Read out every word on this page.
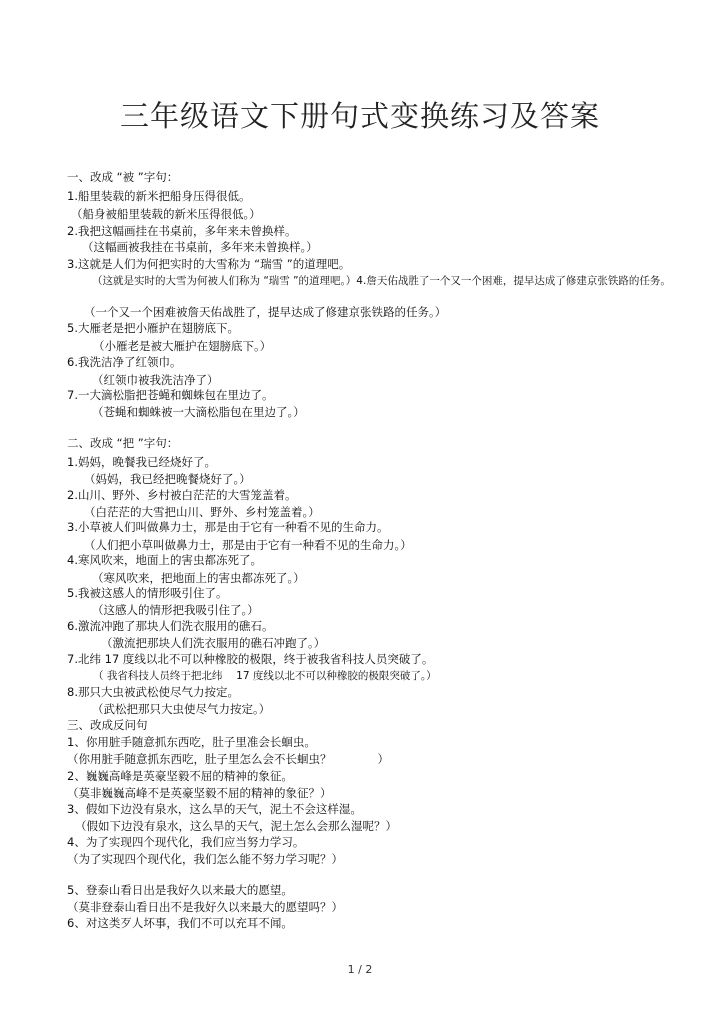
三年级语文下册句式变换练习及答案
一、改成 “被 ”字句：
1.船里装载的新米把船身压得很低。
（船身被船里装载的新米压得很低。）
2.我把这幅画挂在书桌前，多年来未曾换样。
（这幅画被我挂在书桌前，多年来未曾换样。）
3.这就是人们为何把实时的大雪称为 “瑞雪 ”的道理吧。
（这就是实时的大雪为何被人们称为 “瑞雪 ”的道理吧。）4.詹天佑战胜了一个又一个困难，提早达成了修建京张铁路的任务。
（一个又一个困难被詹天佑战胜了，提早达成了修建京张铁路的任务。）
5.大雁老是把小雁护在翅膀底下。
（小雁老是被大雁护在翅膀底下。）
6.我洗洁净了红领巾。
（红领巾被我洗洁净了）
7.一大滴松脂把苍蝇和蜘蛛包在里边了。
（苍蝇和蜘蛛被一大滴松脂包在里边了。）
二、改成 “把 ”字句：
1.妈妈，晚餐我已经烧好了。
（妈妈，我已经把晚餐烧好了。）
2.山川、野外、乡村被白茫茫的大雪笼盖着。
（白茫茫的大雪把山川、野外、乡村笼盖着。）
3.小草被人们叫做鼻力士，那是由于它有一种看不见的生命力。
（人们把小草叫做鼻力士，那是由于它有一种看不见的生命力。）
4.寒风吹来，地面上的害虫都冻死了。
（寒风吹来，把地面上的害虫都冻死了。）
5.我被这感人的情形吸引住了。
（这感人的情形把我吸引住了。）
6.激流冲跑了那块人们洗衣服用的礁石。
（激流把那块人们洗衣服用的礁石冲跑了。）
7.北纬 17 度线以北不可以种橡胶的极限，终于被我省科技人员突破了。
（ 我省科技人员终于把北纬　 17 度线以北不可以种橡胶的极限突破了。）
8.那只大虫被武松使尽气力按定。
（武松把那只大虫使尽气力按定。）
三、改成反问句
1、你用脏手随意抓东西吃，肚子里准会长蛔虫。
（你用脏手随意抓东西吃，肚子里怎么会不长蛔虫？　　　　）
2、巍巍高峰是英豪坚毅不屈的精神的象征。
（莫非巍巍高峰不是英豪坚毅不屈的精神的象征？）
3、假如下边没有泉水，这么旱的天气，泥土不会这样湿。
（假如下边没有泉水，这么旱的天气，泥土怎么会那么湿呢？）
4、为了实现四个现代化，我们应当努力学习。
（为了实现四个现代化，我们怎么能不努力学习呢？）
5、登泰山看日出是我好久以来最大的愿望。
（莫非登泰山看日出不是我好久以来最大的愿望吗？）
6、对这类歹人坏事，我们不可以充耳不闻。
1 / 2
